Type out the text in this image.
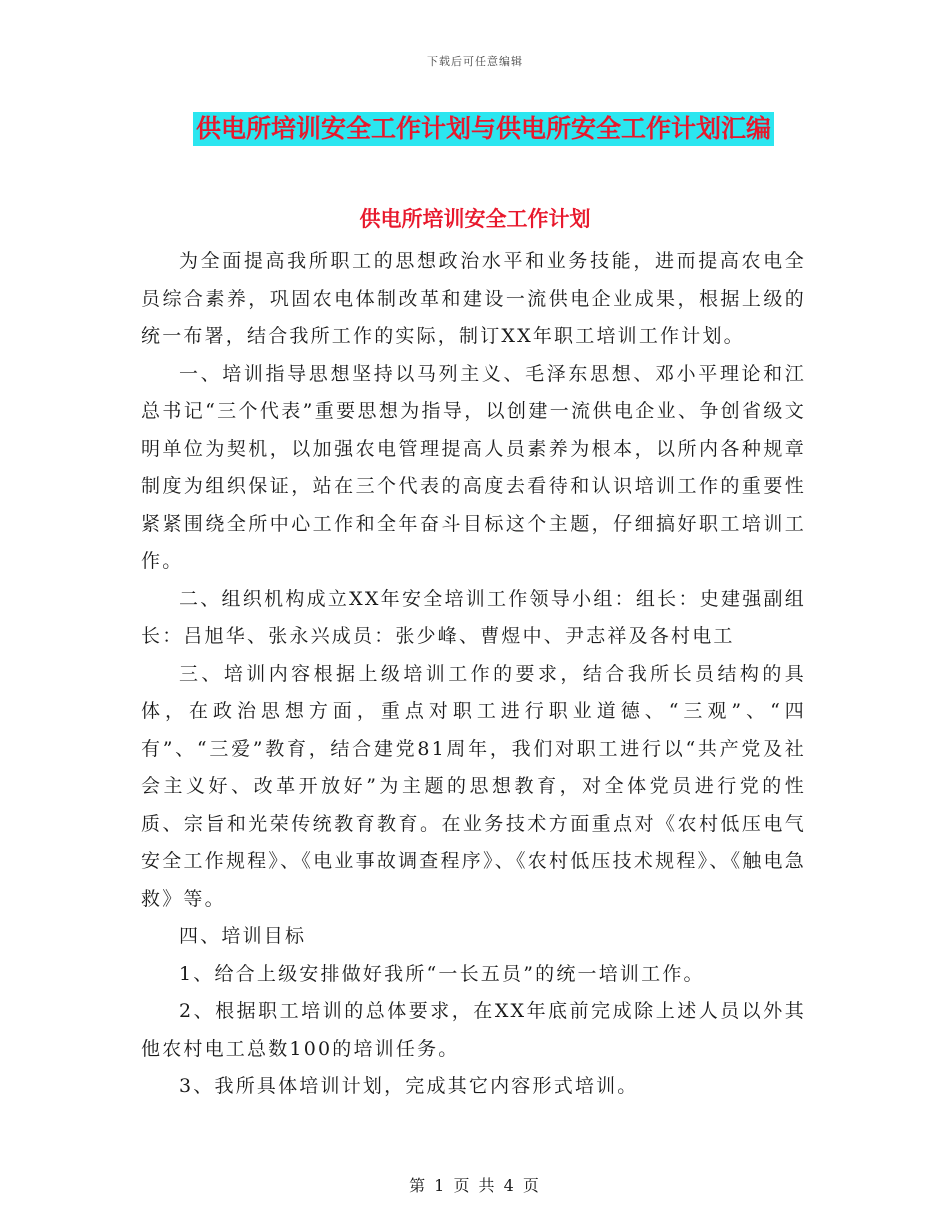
下载后可任意编辑
供电所培训安全工作计划与供电所安全工作计划汇编
供电所培训安全工作计划

为全面提高我所职工的思想政治水平和业务技能，进而提高农电全员综合素养，巩固农电体制改革和建设一流供电企业成果，根据上级的统一布署，结合我所工作的实际，制订XX年职工培训工作计划。

一、培训指导思想坚持以马列主义、毛泽东思想、邓小平理论和江总书记“三个代表”重要思想为指导，以创建一流供电企业、争创省级文明单位为契机，以加强农电管理提高人员素养为根本，以所内各种规章制度为组织保证，站在三个代表的高度去看待和认识培训工作的重要性紧紧围绕全所中心工作和全年奋斗目标这个主题，仔细搞好职工培训工作。

二、组织机构成立XX年安全培训工作领导小组：组长：史建强副组长：吕旭华、张永兴成员：张少峰、曹煜中、尹志祥及各村电工

三、培训内容根据上级培训工作的要求，结合我所长员结构的具体，在政治思想方面，重点对职工进行职业道德、“三观”、“四有”、“三爱”教育，结合建党81周年，我们对职工进行以“共产党及社会主义好、改革开放好”为主题的思想教育，对全体党员进行党的性质、宗旨和光荣传统教育教育。在业务技术方面重点对《农村低压电气安全工作规程》、《电业事故调查程序》、《农村低压技术规程》、《触电急救》等。

四、培训目标

1、给合上级安排做好我所“一长五员”的统一培训工作。

2、根据职工培训的总体要求，在XX年底前完成除上述人员以外其他农村电工总数100的培训任务。

3、我所具体培训计划，完成其它内容形式培训。

第 1 页 共 4 页
